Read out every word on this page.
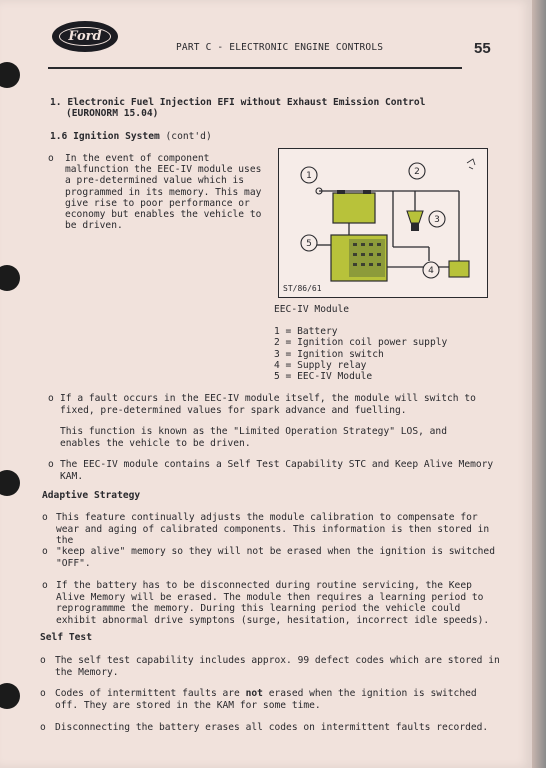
Ford
PART C - ELECTRONIC ENGINE CONTROLS	55
1. Electronic Fuel Injection EFI without Exhaust Emission Control
(EURONORM 15.04)
1.6 Ignition System (cont'd)
o In the event of component
malfunction the EEC-IV module uses
a pre-determined value which is
programmed in its memory. This may
give rise to poor performance or
economy but enables the vehicle to
be driven.
1	2
3
4
5
ST/86/61
EEC-IV Module
1 = Battery
2 = Ignition coil power supply
3 = Ignition switch
4 = Supply relay
5 = EEC-IV Module
o If a fault occurs in the EEC-IV module itself, the module will switch to
fixed, pre-determined values for spark advance and fuelling.
This function is known as the "Limited Operation Strategy" LOS, and
enables the vehicle to be driven.
o The EEC-IV module contains a Self Test Capability STC and Keep Alive Memory
KAM.
Adaptive Strategy
o This feature continually adjusts the module calibration to compensate for
wear and aging of calibrated components. This information is then stored in
the
o "keep alive" memory so they will not be erased when the ignition is switched
"OFF".
o If the battery has to be disconnected during routine servicing, the Keep
Alive Memory will be erased. The module then requires a learning period to
reprogrammme the memory. During this learning period the vehicle could
exhibit abnormal drive symptons (surge, hesitation, incorrect idle speeds).
Self Test
o The self test capability includes approx. 99 defect codes which are stored in
the Memory.
o Codes of intermittent faults are not erased when the ignition is switched
off. They are stored in the KAM for some time.
o Disconnecting the battery erases all codes on intermittent faults recorded.
